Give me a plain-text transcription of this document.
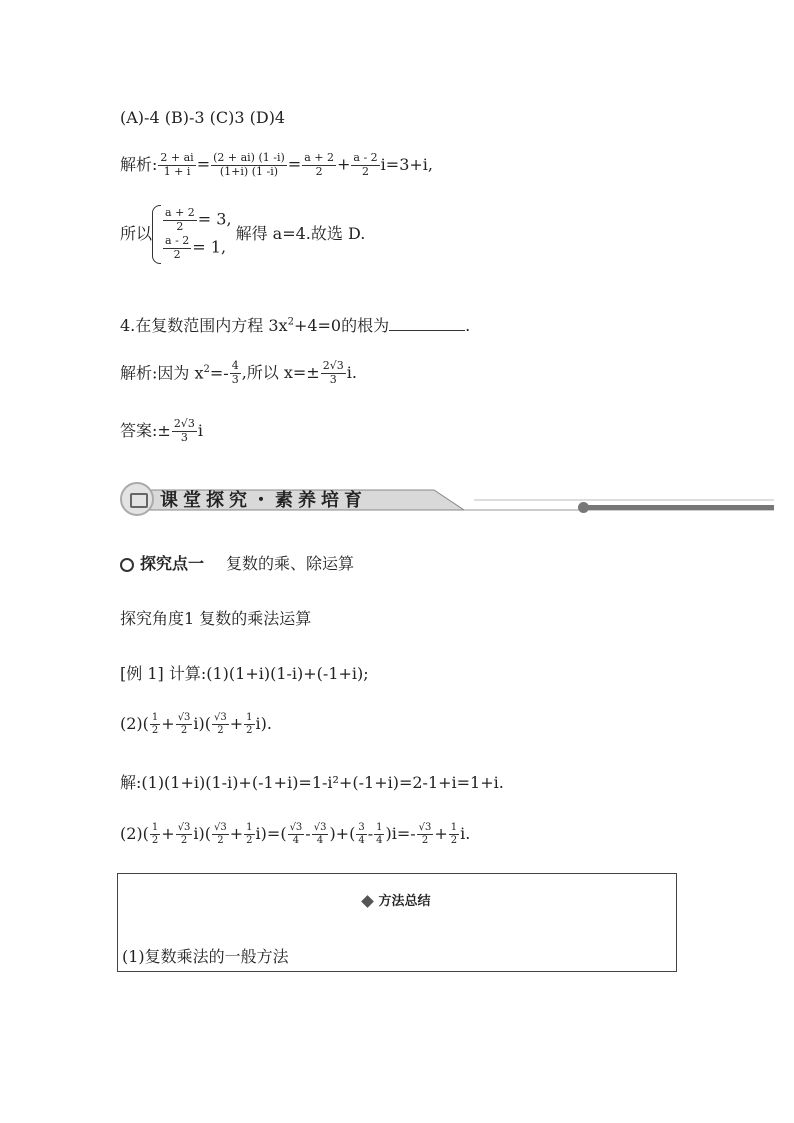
(A)-4 (B)-3 (C)3 (D)4
解析: $\frac{2 + ai}{1 + i} = \frac{(2 + ai) (1 -i)}{(1+i) (1 -i)} = \frac{a + 2}{2} + \frac{a - 2}{2} i=3+i$,
所以
$\frac{a + 2}{2} = 3$,
$\frac{a - 2}{2} = 1$,
解得 a=4.故选 D.
4.在复数范围内方程 $3x^2+4=0$的根为	.
解析:因为 $x^2=- \frac{4}{3}$ ,所以 $x=\pm \frac{2√3}{3} i$.
答案:± $\frac{2√3}{3}$ i
课堂探究・素养培育
探究点一 复数的乘、除运算
探究角度1 复数的乘法运算
[例 1] 计算:(1)(1+i)(1-i)+(-1+i);
$(2)( \frac{1}{2} + \frac{√3}{2} i)( \frac{√3}{2} + \frac{1}{2} i)$.
解:(1)(1+i)(1-i)+(-1+i)=1-i²+(-1+i)=2-1+i=1+i.
$(2)( \frac{1}{2} + \frac{√3}{2} i)( \frac{√3}{2} + \frac{1}{2} i)=( \frac{√3}{4} - \frac{√3}{4}$ )+( $\frac{3}{4} - \frac{1}{4} )i=- \frac{√3}{2} + \frac{1}{2} i$.
方法总结
(1)复数乘法的一般方法
